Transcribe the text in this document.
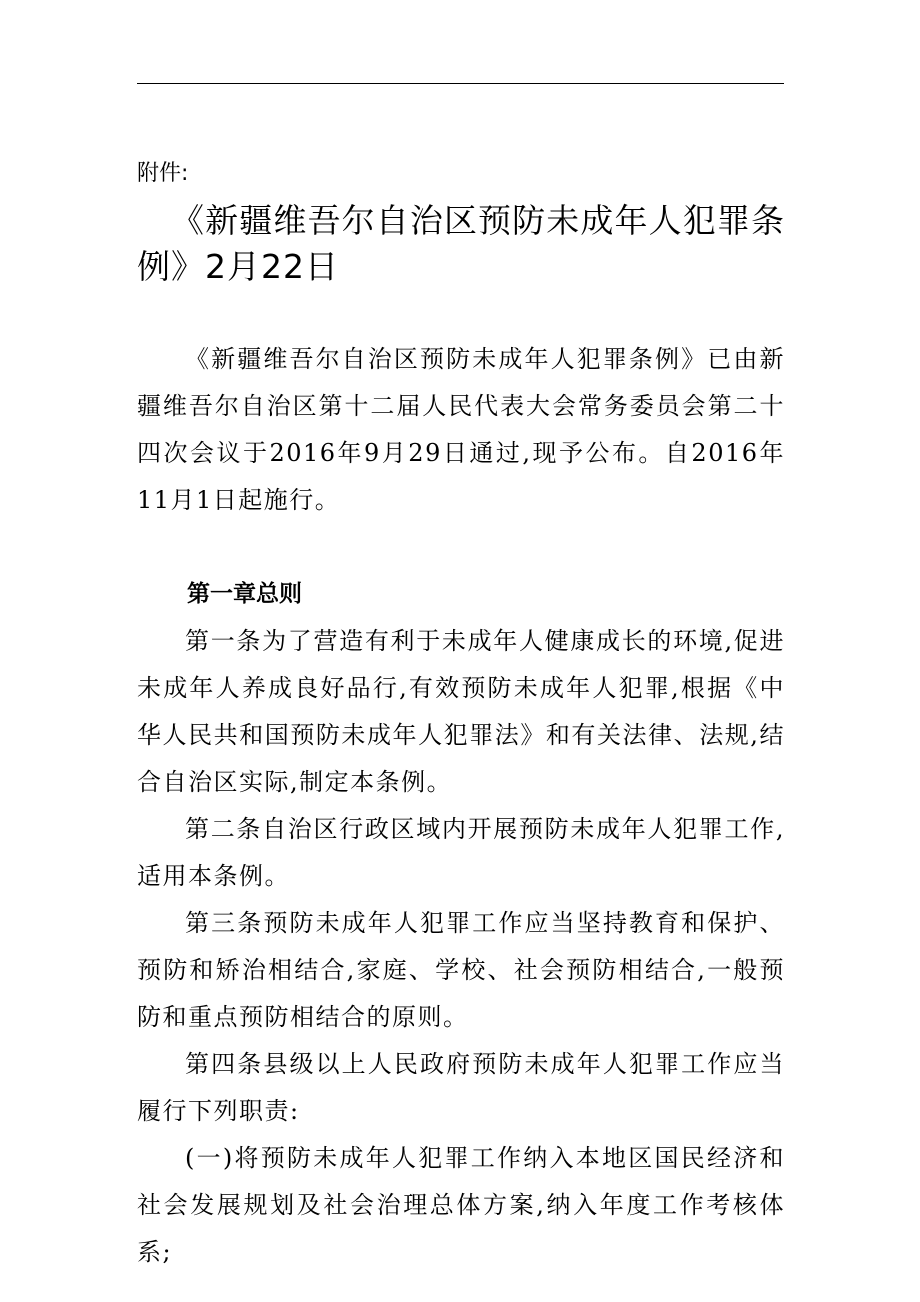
附件:

《新疆维吾尔自治区预防未成年人犯罪条例》2月22日

《新疆维吾尔自治区预防未成年人犯罪条例》已由新疆维吾尔自治区第十二届人民代表大会常务委员会第二十四次会议于2016年9月29日通过,现予公布。自2016年11月1日起施行。

第一章总则

第一条为了营造有利于未成年人健康成长的环境,促进未成年人养成良好品行,有效预防未成年人犯罪,根据《中华人民共和国预防未成年人犯罪法》和有关法律、法规,结合自治区实际,制定本条例。

第二条自治区行政区域内开展预防未成年人犯罪工作,适用本条例。

第三条预防未成年人犯罪工作应当坚持教育和保护、预防和矫治相结合,家庭、学校、社会预防相结合,一般预防和重点预防相结合的原则。

第四条县级以上人民政府预防未成年人犯罪工作应当履行下列职责:

(一)将预防未成年人犯罪工作纳入本地区国民经济和社会发展规划及社会治理总体方案,纳入年度工作考核体系;
